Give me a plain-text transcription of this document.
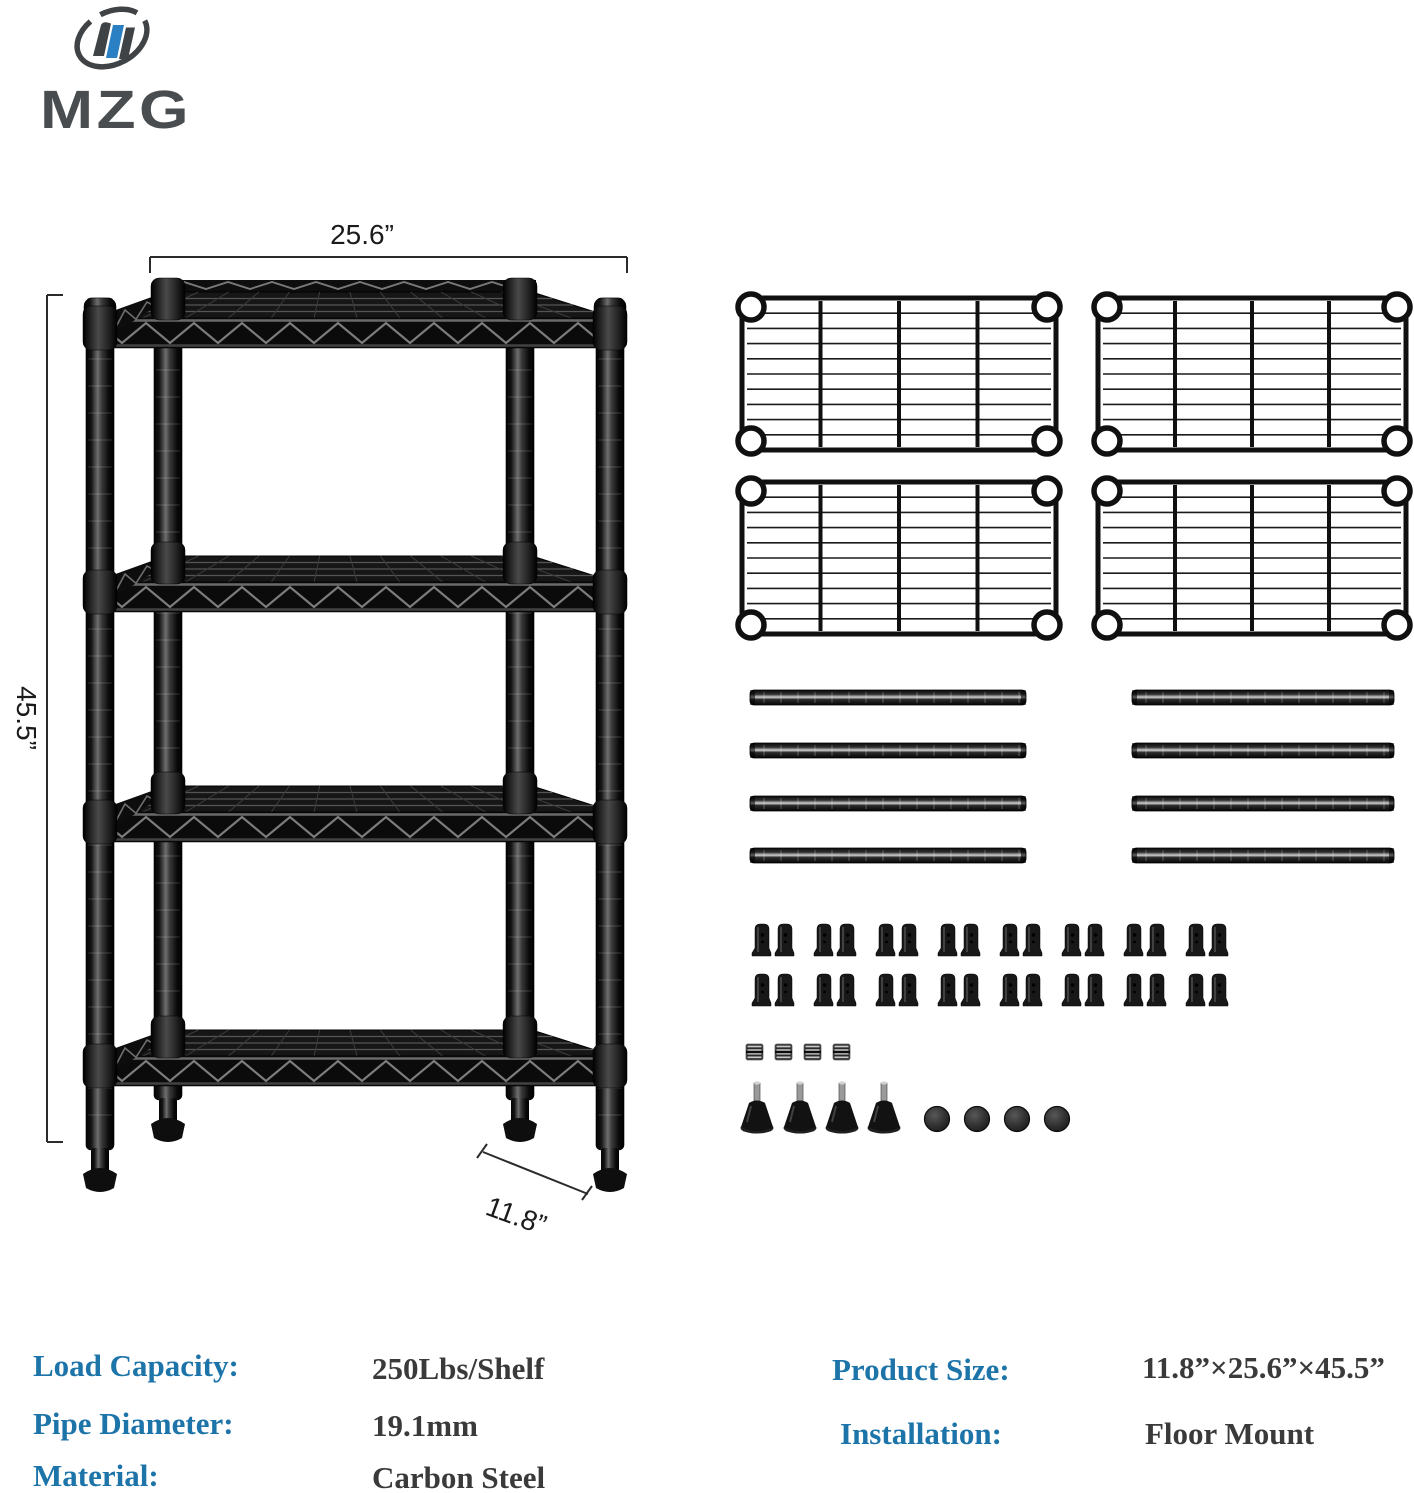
MZG
25.6”
45.5”
11.8”
Load Capacity:	250Lbs/Shelf
Pipe Diameter:	19.1mm
Material:	Carbon Steel
Product Size:	11.8”×25.6”×45.5”
Installation:	Floor Mount
